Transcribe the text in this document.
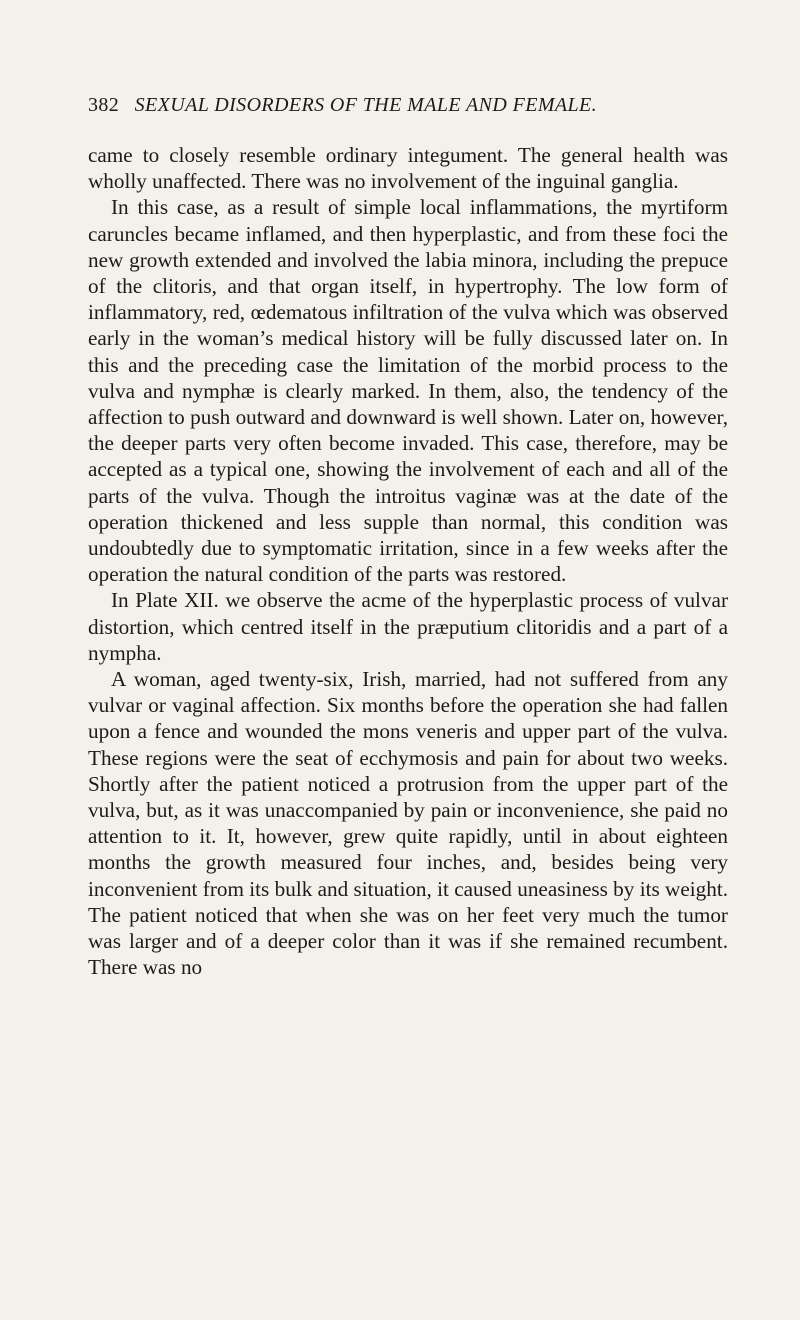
382 SEXUAL DISORDERS OF THE MALE AND FEMALE.

came to closely resemble ordinary integument. The general health was wholly unaffected. There was no involvement of the inguinal ganglia.

In this case, as a result of simple local inflammations, the myrtiform caruncles became inflamed, and then hyperplastic, and from these foci the new growth extended and involved the labia minora, including the prepuce of the clitoris, and that organ itself, in hypertrophy. The low form of inflammatory, red, œdematous infiltration of the vulva which was observed early in the woman’s medical history will be fully discussed later on. In this and the preceding case the limitation of the morbid process to the vulva and nymphæ is clearly marked. In them, also, the tendency of the affection to push outward and downward is well shown. Later on, however, the deeper parts very often become invaded. This case, therefore, may be accepted as a typical one, showing the involvement of each and all of the parts of the vulva. Though the introitus vaginæ was at the date of the operation thickened and less supple than normal, this condition was undoubtedly due to symptomatic irritation, since in a few weeks after the operation the natural condition of the parts was restored.

In Plate XII. we observe the acme of the hyperplastic process of vulvar distortion, which centred itself in the præputium clitoridis and a part of a nympha.

A woman, aged twenty-six, Irish, married, had not suffered from any vulvar or vaginal affection. Six months before the operation she had fallen upon a fence and wounded the mons veneris and upper part of the vulva. These regions were the seat of ecchymosis and pain for about two weeks. Shortly after the patient noticed a protrusion from the upper part of the vulva, but, as it was unaccompanied by pain or inconvenience, she paid no attention to it. It, however, grew quite rapidly, until in about eighteen months the growth measured four inches, and, besides being very inconvenient from its bulk and situation, it caused uneasiness by its weight. The patient noticed that when she was on her feet very much the tumor was larger and of a deeper color than it was if she remained recumbent. There was no
